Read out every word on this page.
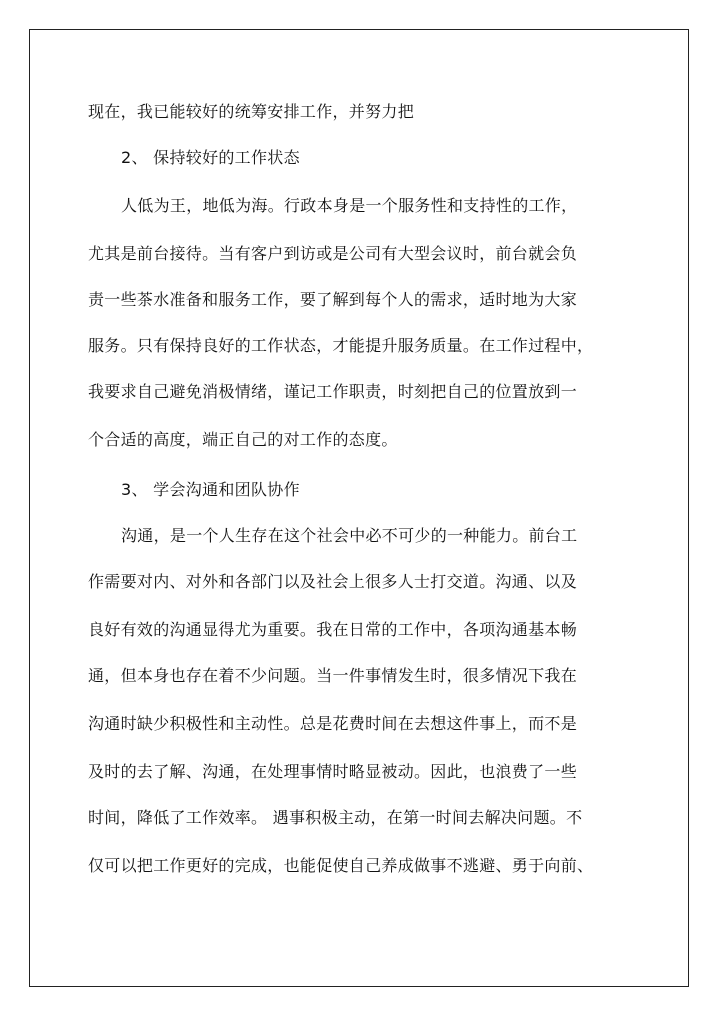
现在，我已能较好的统筹安排工作，并努力把
2、 保持较好的工作状态
人低为王，地低为海。行政本身是一个服务性和支持性的工作，
尤其是前台接待。当有客户到访或是公司有大型会议时，前台就会负
责一些茶水准备和服务工作，要了解到每个人的需求，适时地为大家
服务。只有保持良好的工作状态，才能提升服务质量。在工作过程中，
我要求自己避免消极情绪，谨记工作职责，时刻把自己的位置放到一
个合适的高度，端正自己的对工作的态度。
3、 学会沟通和团队协作
沟通，是一个人生存在这个社会中必不可少的一种能力。前台工
作需要对内、对外和各部门以及社会上很多人士打交道。沟通、以及
良好有效的沟通显得尤为重要。我在日常的工作中，各项沟通基本畅
通，但本身也存在着不少问题。当一件事情发生时，很多情况下我在
沟通时缺少积极性和主动性。总是花费时间在去想这件事上，而不是
及时的去了解、沟通，在处理事情时略显被动。因此，也浪费了一些
时间，降低了工作效率。 遇事积极主动，在第一时间去解决问题。不
仅可以把工作更好的完成，也能促使自己养成做事不逃避、勇于向前、
